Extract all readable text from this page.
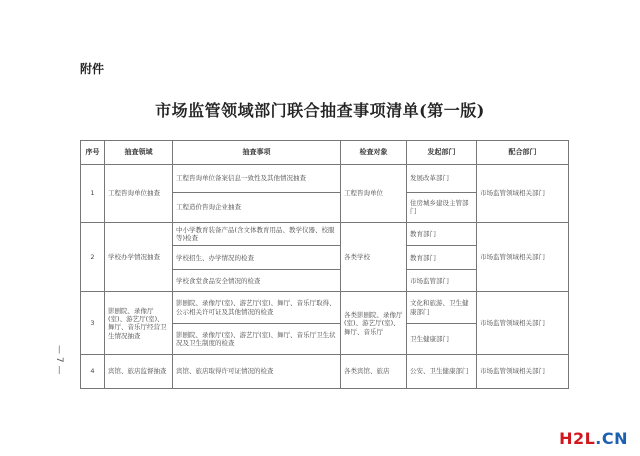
附件
市场监管领域部门联合抽查事项清单(第一版)
序号	抽查领域	抽查事项	检查对象	发起部门	配合部门
1	工程咨询单位抽查	工程咨询单位备案信息一致性及其他情况抽查	工程咨询单位	发展改革部门	市场监管领域相关部门
		工程造价咨询企业抽查		住房城乡建设主管部门	
2	学校办学情况抽查	中小学教育装备产品(含文体教育用品、教学仪器、校服等)检查	各类学校	教育部门	市场监管领域相关部门
		学校招生、办学情况的检查		教育部门	
		学校食堂食品安全情况的检查		市场监管部门	
3	影剧院、录像厅(室)、游艺厅(室)、舞厅、音乐厅经营卫生情况抽查	影剧院、录像厅(室)、游艺厅(室)、舞厅、音乐厅取得、公示相关许可证及其他情况的检查	各类影剧院、录像厅(室)、游艺厅(室)、舞厅、音乐厅	文化和旅游、卫生健康部门	市场监管领域相关部门
		影剧院、录像厅(室)、游艺厅(室)、舞厅、音乐厅卫生状况及卫生制度的检查		卫生健康部门	
4	宾馆、旅店监督抽查	宾馆、旅店取得许可证情况的检查	各类宾馆、旅店	公安、卫生健康部门	市场监管领域相关部门
— 7 —
H2L.CN
